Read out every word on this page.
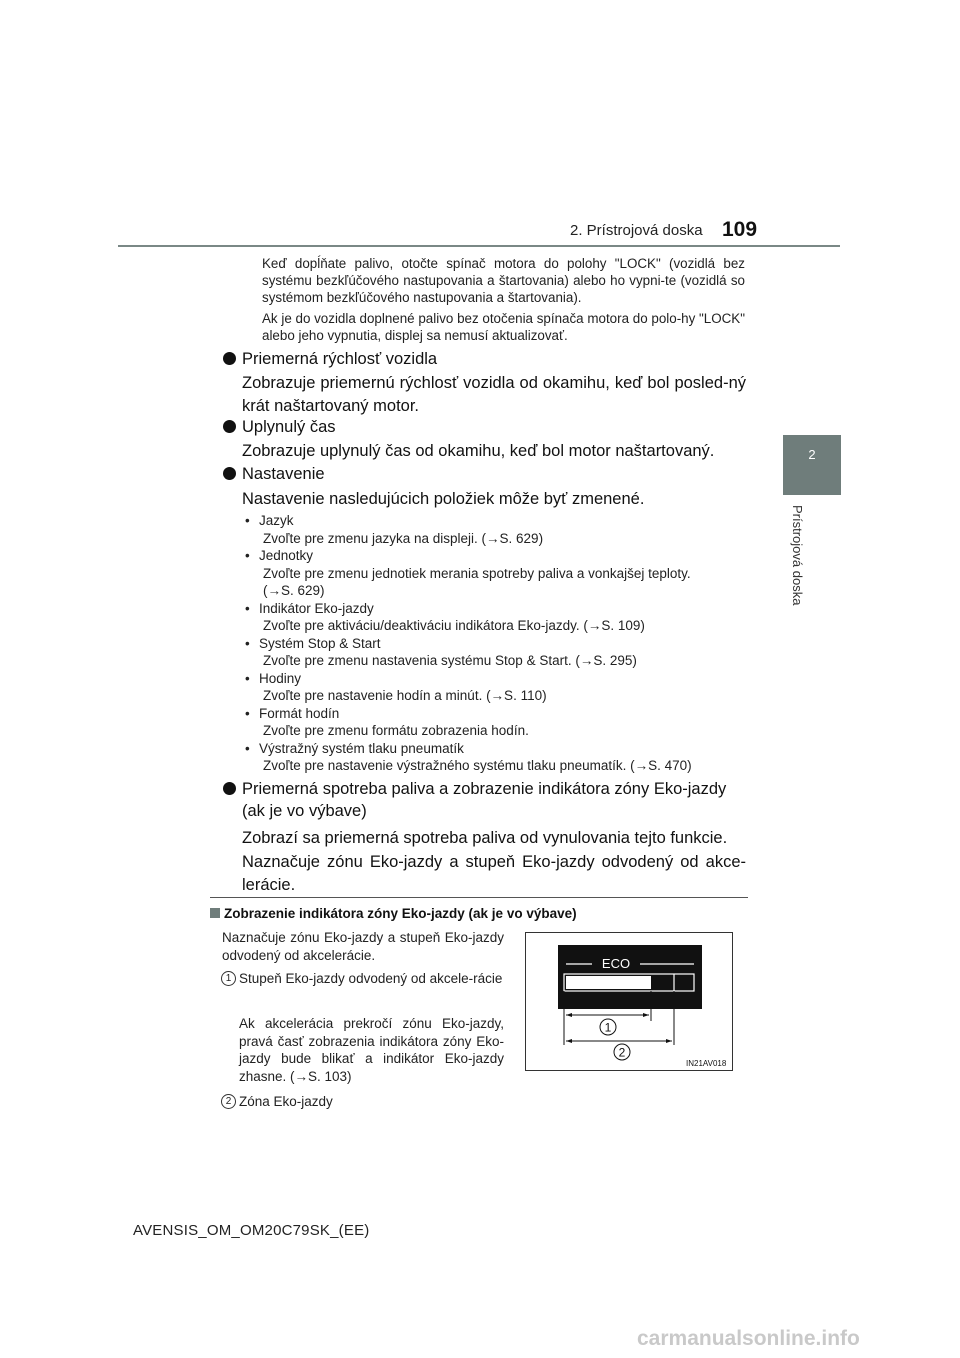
2. Prístrojová doska 109
2
Prístrojová doska
Keď dopĺňate palivo, otočte spínač motora do polohy "LOCK" (vozidlá bez systému bezkľúčového nastupovania a štartovania) alebo ho vypni-te (vozidlá so systémom bezkľúčového nastupovania a štartovania).
Ak je do vozidla doplnené palivo bez otočenia spínača motora do polo-hy "LOCK" alebo jeho vypnutia, displej sa nemusí aktualizovať.
Priemerná rýchlosť vozidla
Zobrazuje priemernú rýchlosť vozidla od okamihu, keď bol posled-ný krát naštartovaný motor.
Uplynulý čas
Zobrazuje uplynulý čas od okamihu, keď bol motor naštartovaný.
Nastavenie
Nastavenie nasledujúcich položiek môže byť zmenené.
• Jazyk
Zvoľte pre zmenu jazyka na displeji. (→S. 629)
• Jednotky
Zvoľte pre zmenu jednotiek merania spotreby paliva a vonkajšej teploty.
(→S. 629)
• Indikátor Eko-jazdy
Zvoľte pre aktiváciu/deaktiváciu indikátora Eko-jazdy. (→S. 109)
• Systém Stop & Start
Zvoľte pre zmenu nastavenia systému Stop & Start. (→S. 295)
• Hodiny
Zvoľte pre nastavenie hodín a minút. (→S. 110)
• Formát hodín
Zvoľte pre zmenu formátu zobrazenia hodín.
• Výstražný systém tlaku pneumatík
Zvoľte pre nastavenie výstražného systému tlaku pneumatík. (→S. 470)
Priemerná spotreba paliva a zobrazenie indikátora zóny Eko-jazdy
(ak je vo výbave)
Zobrazí sa priemerná spotreba paliva od vynulovania tejto funkcie.
Naznačuje zónu Eko-jazdy a stupeň Eko-jazdy odvodený od akce-lerácie.
Zobrazenie indikátora zóny Eko-jazdy (ak je vo výbave)
Naznačuje zónu Eko-jazdy a stupeň Eko-jazdy odvodený od akcelerácie.
1 Stupeň Eko-jazdy odvodený od akcele-rácie
Ak akcelerácia prekročí zónu Eko-jazdy, pravá časť zobrazenia indikátora zóny Eko-jazdy bude blikať a indikátor Eko-jazdy zhasne. (→S. 103)
2 Zóna Eko-jazdy
ECO
1
2
IN21AV018
AVENSIS_OM_OM20C79SK_(EE)
carmanualsonline.info
